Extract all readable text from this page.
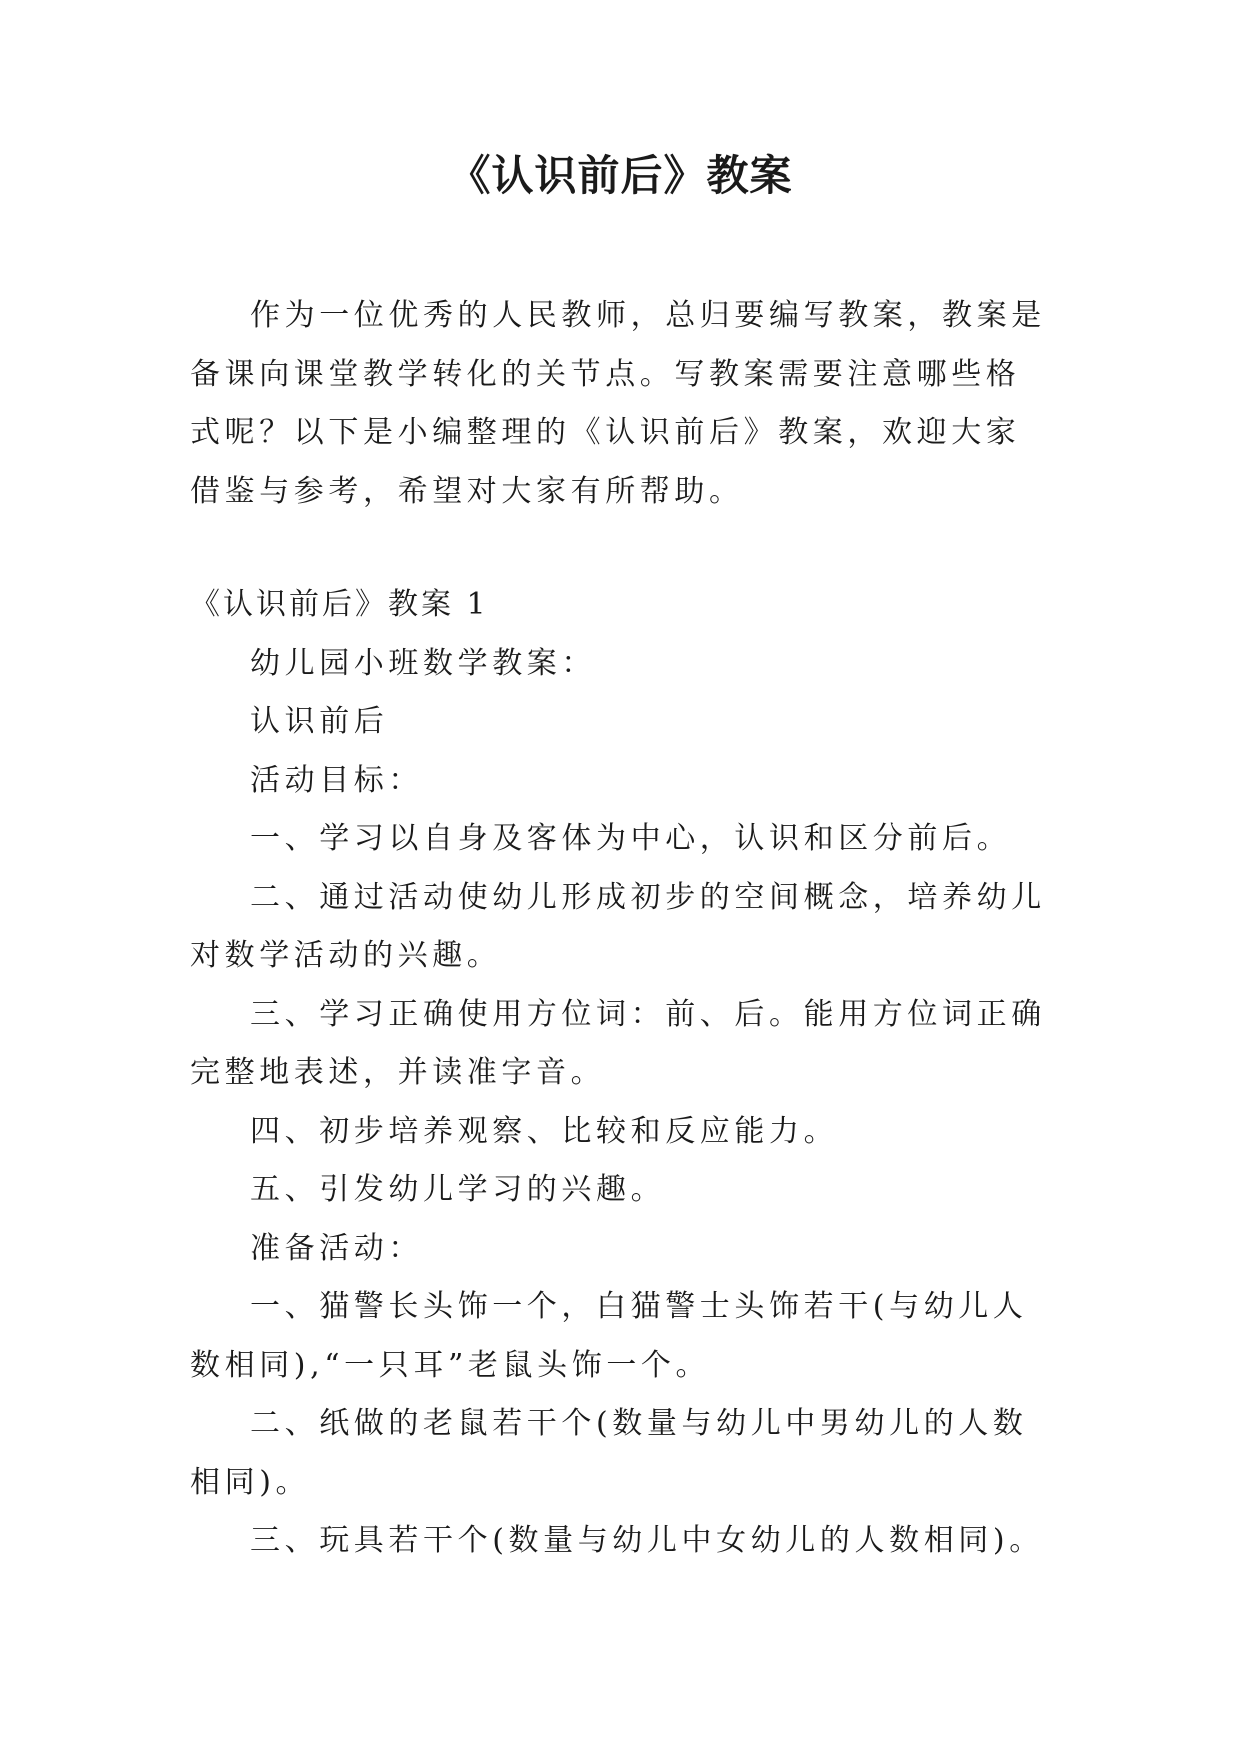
《认识前后》教案

作为一位优秀的人民教师，总归要编写教案，教案是备课向课堂教学转化的关节点。写教案需要注意哪些格式呢？以下是小编整理的《认识前后》教案，欢迎大家借鉴与参考，希望对大家有所帮助。

《认识前后》教案 1

幼儿园小班数学教案：

认识前后

活动目标：

一、学习以自身及客体为中心，认识和区分前后。

二、通过活动使幼儿形成初步的空间概念，培养幼儿对数学活动的兴趣。

三、学习正确使用方位词：前、后。能用方位词正确完整地表述，并读准字音。

四、初步培养观察、比较和反应能力。

五、引发幼儿学习的兴趣。

准备活动：

一、猫警长头饰一个，白猫警士头饰若干(与幼儿人数相同),“一只耳”老鼠头饰一个。

二、纸做的老鼠若干个(数量与幼儿中男幼儿的人数相同)。

三、玩具若干个(数量与幼儿中女幼儿的人数相同)。
